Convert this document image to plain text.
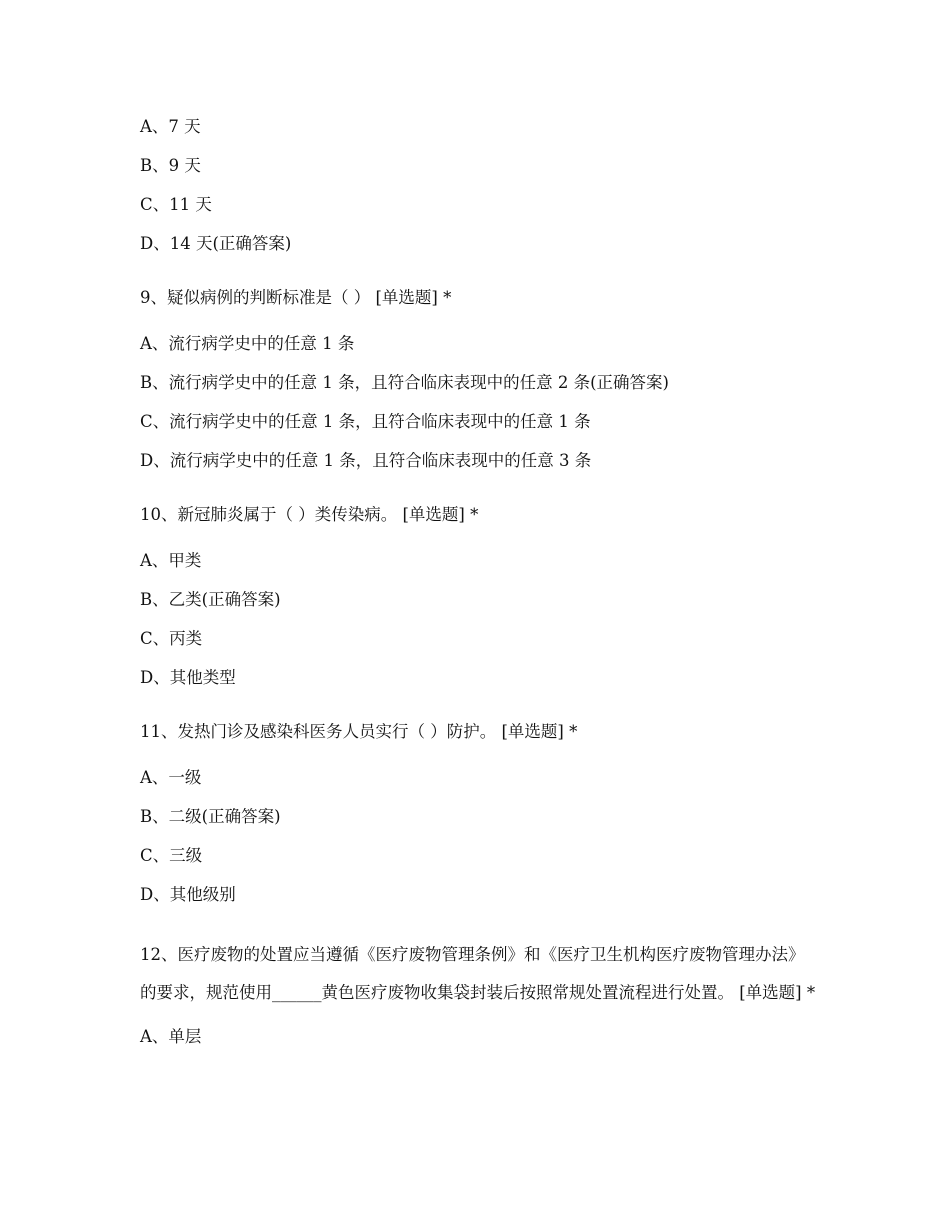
A、7 天
B、9 天
C、11 天
D、14 天(正确答案)
9、疑似病例的判断标准是（ ） [单选题] *
A、流行病学史中的任意 1 条
B、流行病学史中的任意 1 条，且符合临床表现中的任意 2 条(正确答案)
C、流行病学史中的任意 1 条，且符合临床表现中的任意 1 条
D、流行病学史中的任意 1 条，且符合临床表现中的任意 3 条
10、新冠肺炎属于（ ）类传染病。 [单选题] *
A、甲类
B、乙类(正确答案)
C、丙类
D、其他类型
11、发热门诊及感染科医务人员实行（ ）防护。 [单选题] *
A、一级
B、二级(正确答案)
C、三级
D、其他级别
12、医疗废物的处置应当遵循《医疗废物管理条例》和《医疗卫生机构医疗废物管理办法》的要求，规范使用______黄色医疗废物收集袋封装后按照常规处置流程进行处置。 [单选题] *
A、单层
